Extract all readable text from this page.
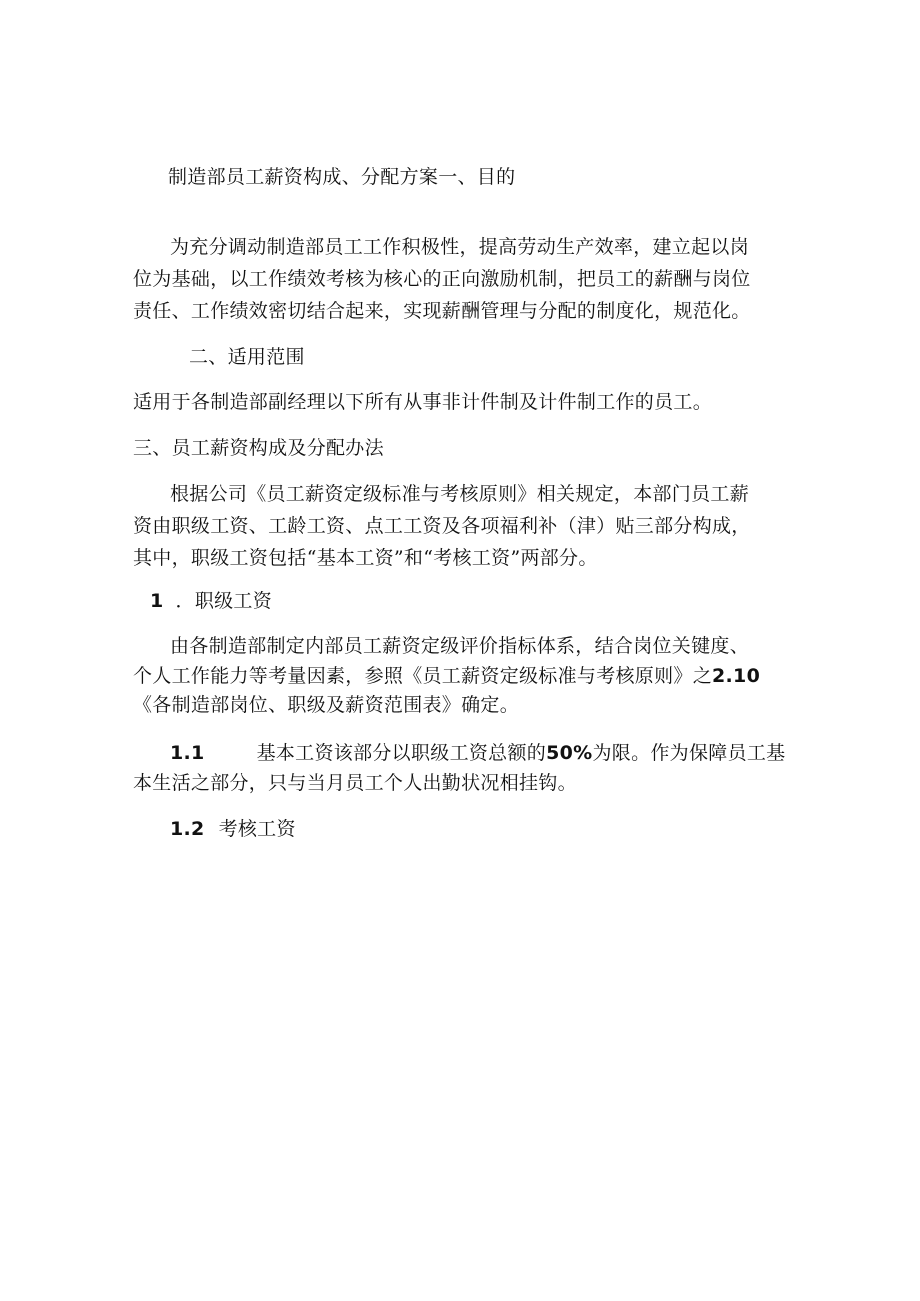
制造部员工薪资构成、分配方案一、目的
为充分调动制造部员工工作积极性，提高劳动生产效率，建立起以岗
位为基础，以工作绩效考核为核心的正向激励机制，把员工的薪酬与岗位
责任、工作绩效密切结合起来，实现薪酬管理与分配的制度化，规范化。
二、适用范围
适用于各制造部副经理以下所有从事非计件制及计件制工作的员工。
三、员工薪资构成及分配办法
根据公司《员工薪资定级标准与考核原则》相关规定，本部门员工薪
资由职级工资、工龄工资、点工工资及各项福利补（津）贴三部分构成，
其中，职级工资包括“基本工资”和“考核工资”两部分。
1 ．职级工资
由各制造部制定内部员工薪资定级评价指标体系，结合岗位关键度、
个人工作能力等考量因素，参照《员工薪资定级标准与考核原则》之2.10
《各制造部岗位、职级及薪资范围表》确定。
1.1	基本工资该部分以职级工资总额的50%为限。作为保障员工基
本生活之部分，只与当月员工个人出勤状况相挂钩。
1.2 考核工资
